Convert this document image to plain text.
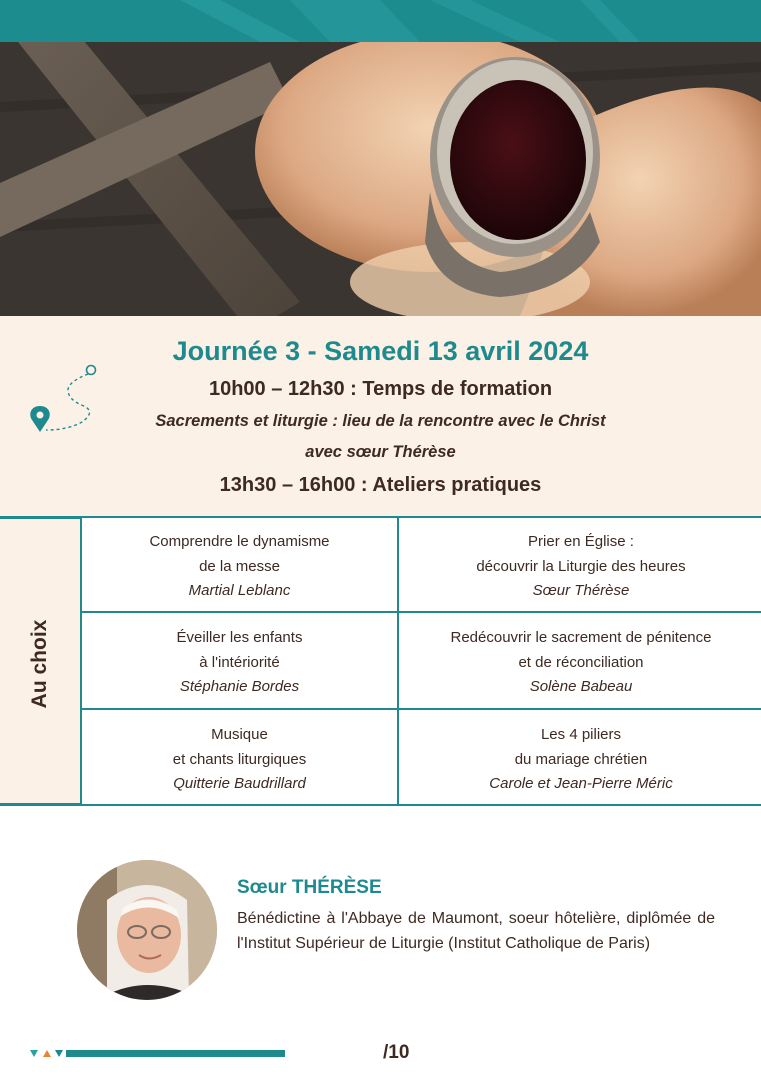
Journée 3 - Samedi 13 avril 2024
10h00 – 12h30 : Temps de formation
Sacrements et liturgie : lieu de la rencontre avec le Christ
avec sœur Thérèse
13h30 – 16h00 : Ateliers pratiques
Au choix
Comprendre le dynamisme
de la messe
Martial Leblanc
Prier en Église :
découvrir la Liturgie des heures
Sœur Thérèse
Éveiller les enfants
à l'intériorité
Stéphanie Bordes
Redécouvrir le sacrement de pénitence
et de réconciliation
Solène Babeau
Musique
et chants liturgiques
Quitterie Baudrillard
Les 4 piliers
du mariage chrétien
Carole et Jean-Pierre Méric
Sœur THÉRÈSE
Bénédictine à l'Abbaye de Maumont, soeur hôtelière, diplômée de l'Institut Supérieur de Liturgie (Institut Catholique de Paris)
/10
